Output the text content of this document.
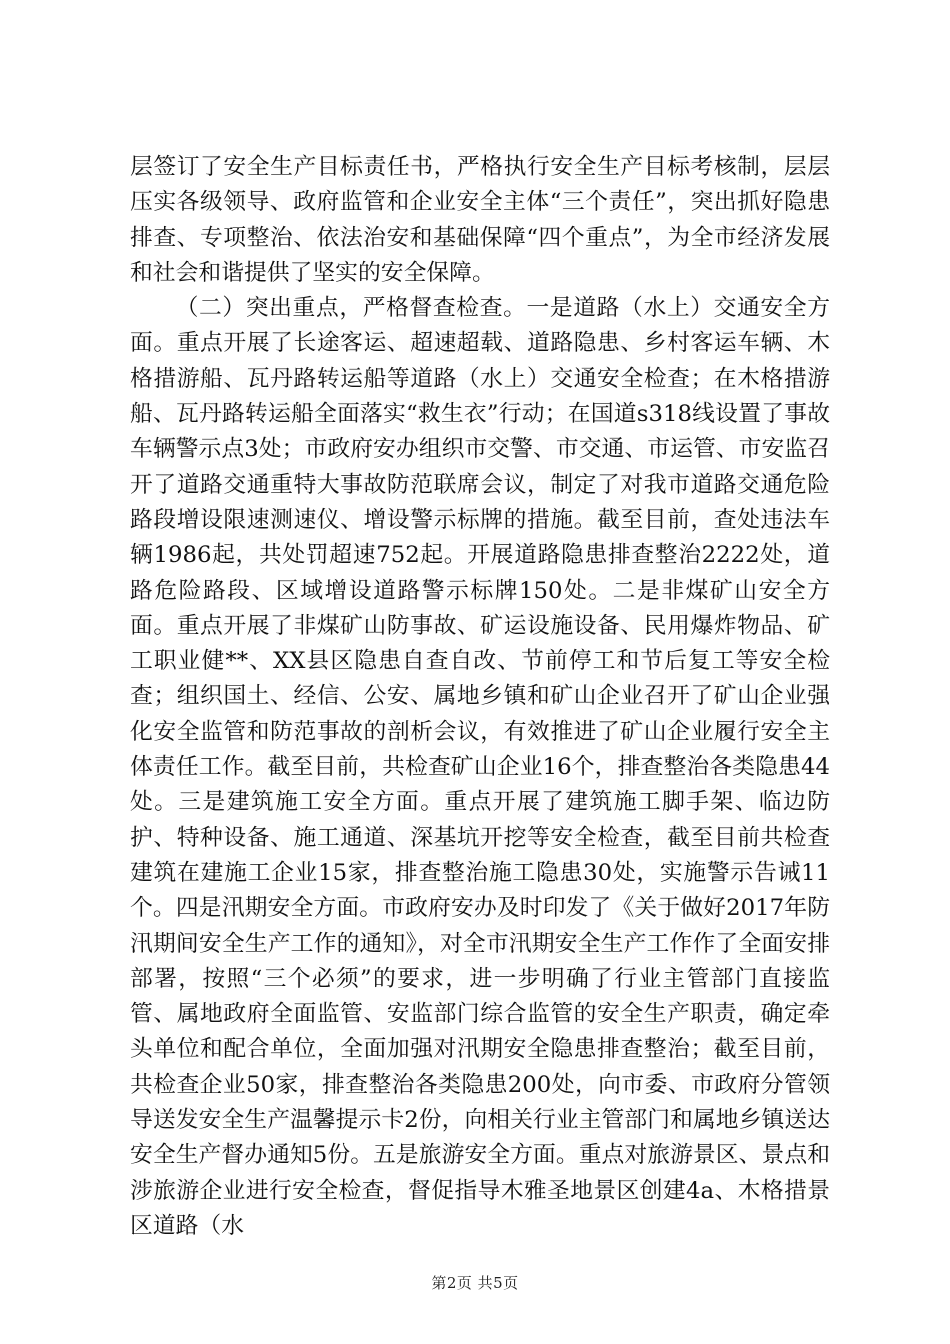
层签订了安全生产目标责任书，严格执行安全生产目标考核制，层层压实各级领导、政府监管和企业安全主体“三个责任”，突出抓好隐患排查、专项整治、依法治安和基础保障“四个重点”，为全市经济发展和社会和谐提供了坚实的安全保障。

（二）突出重点，严格督查检查。一是道路（水上）交通安全方面。重点开展了长途客运、超速超载、道路隐患、乡村客运车辆、木格措游船、瓦丹路转运船等道路（水上）交通安全检查；在木格措游船、瓦丹路转运船全面落实“救生衣”行动；在国道s318线设置了事故车辆警示点3处；市政府安办组织市交警、市交通、市运管、市安监召开了道路交通重特大事故防范联席会议，制定了对我市道路交通危险路段增设限速测速仪、增设警示标牌的措施。截至目前，查处违法车辆1986起，共处罚超速752起。开展道路隐患排查整治2222处，道路危险路段、区域增设道路警示标牌150处。二是非煤矿山安全方面。重点开展了非煤矿山防事故、矿运设施设备、民用爆炸物品、矿工职业健**、XX县区隐患自查自改、节前停工和节后复工等安全检查；组织国土、经信、公安、属地乡镇和矿山企业召开了矿山企业强化安全监管和防范事故的剖析会议，有效推进了矿山企业履行安全主体责任工作。截至目前，共检查矿山企业16个，排查整治各类隐患44处。三是建筑施工安全方面。重点开展了建筑施工脚手架、临边防护、特种设备、施工通道、深基坑开挖等安全检查，截至目前共检查建筑在建施工企业15家，排查整治施工隐患30处，实施警示告诫11个。四是汛期安全方面。市政府安办及时印发了《关于做好2017年防汛期间安全生产工作的通知》，对全市汛期安全生产工作作了全面安排部署，按照“三个必须”的要求，进一步明确了行业主管部门直接监管、属地政府全面监管、安监部门综合监管的安全生产职责，确定牵头单位和配合单位，全面加强对汛期安全隐患排查整治；截至目前，共检查企业50家，排查整治各类隐患200处，向市委、市政府分管领导送发安全生产温馨提示卡2份，向相关行业主管部门和属地乡镇送达安全生产督办通知5份。五是旅游安全方面。重点对旅游景区、景点和涉旅游企业进行安全检查，督促指导木雅圣地景区创建4a、木格措景区道路（水

第2页 共5页
